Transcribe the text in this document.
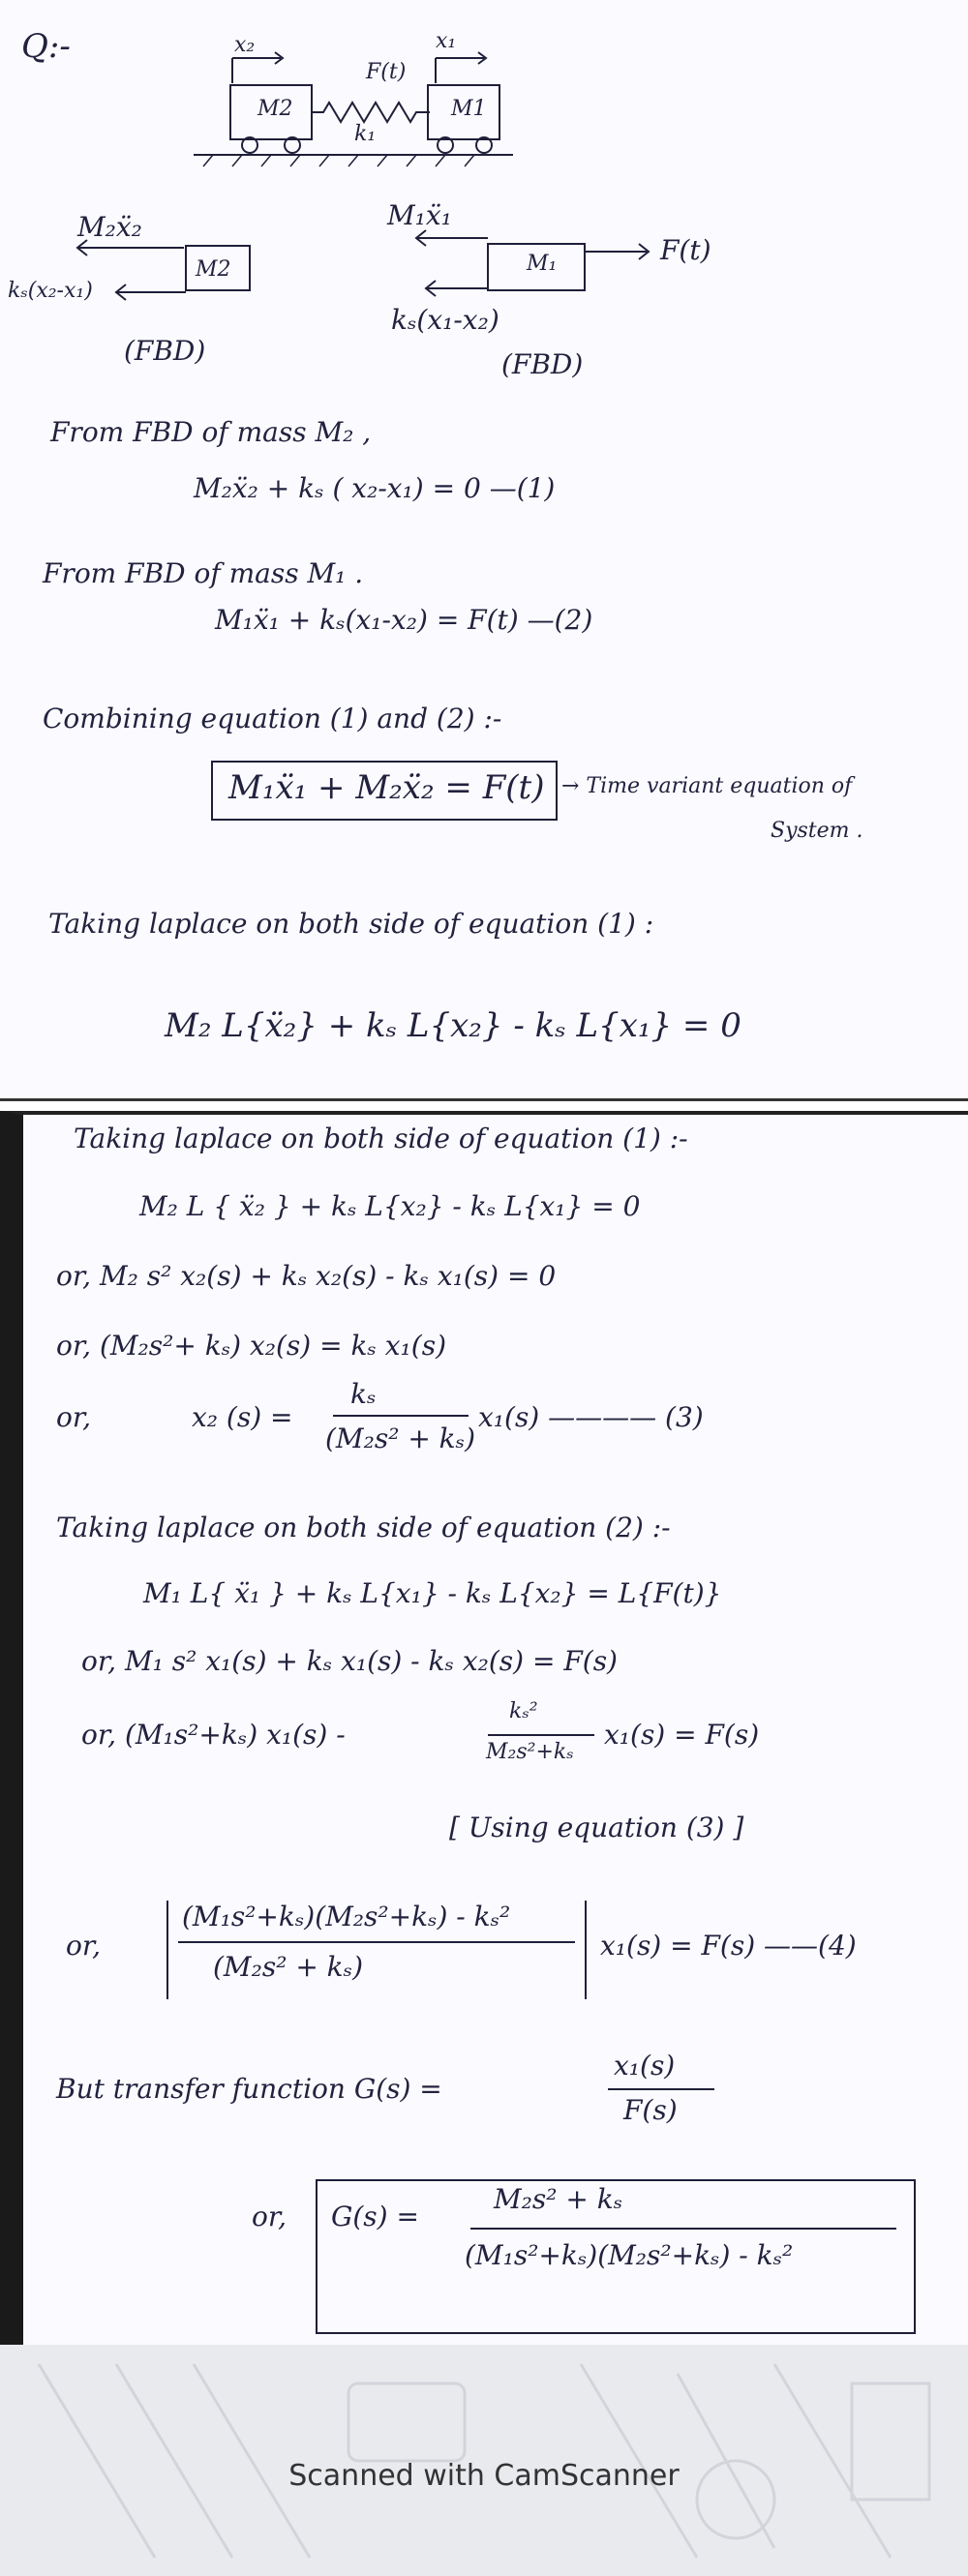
Q:-	x₂	x₁
F(t)
M2	M1
k₁
M₂ẍ₂
M2
kₛ(x₂-x₁)
(FBD)
M₁ẍ₁
M₁	F(t)
kₛ(x₁-x₂)
(FBD)
From FBD of mass M₂ ,
M₂ẍ₂ + kₛ ( x₂-x₁) = 0 —(1)
From FBD of mass M₁ .
M₁ẍ₁ + kₛ(x₁-x₂) = F(t) —(2)
Combining equation (1) and (2) :-
M₁ẍ₁ + M₂ẍ₂ = F(t) → Time variant equation of
System .
Taking laplace on both side of equation (1) :
M₂ L{ẍ₂} + kₛ L{x₂} - kₛ L{x₁} = 0
Taking laplace on both side of equation (1) :-
M₂ L { ẍ₂ } + kₛ L{x₂} - kₛ L{x₁} = 0
or, M₂ s² x₂(s) + kₛ x₂(s) - kₛ x₁(s) = 0
or, (M₂s²+ kₛ) x₂(s) = kₛ x₁(s)
or,	x₂ (s) =
kₛ
(M₂s² + kₛ)
x₁(s) ———— (3)
Taking laplace on both side of equation (2) :-
M₁ L{ ẍ₁ } + kₛ L{x₁} - kₛ L{x₂} = L{F(t)}
or, M₁ s² x₁(s) + kₛ x₁(s) - kₛ x₂(s) = F(s)
or, (M₁s²+kₛ) x₁(s) -
kₛ²
M₂s²+kₛ
x₁(s) = F(s)
[ Using equation (3) ]
or,
(M₁s²+kₛ)(M₂s²+kₛ) - kₛ²
(M₂s² + kₛ)
x₁(s) = F(s) ——(4)
But transfer function G(s) =
x₁(s)
F(s)
or, G(s) =
M₂s² + kₛ
(M₁s²+kₛ)(M₂s²+kₛ) - kₛ²
Scanned with CamScanner
